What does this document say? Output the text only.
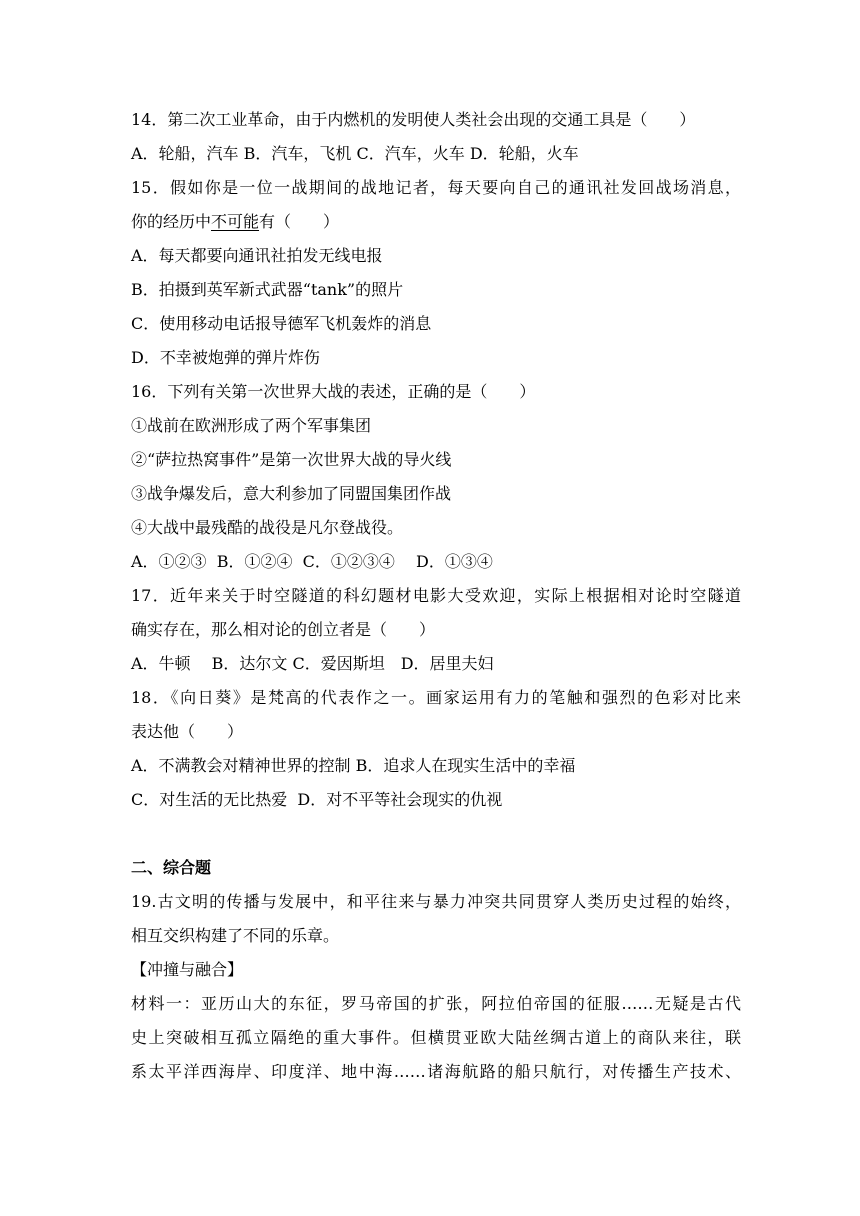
14．第二次工业革命，由于内燃机的发明使人类社会出现的交通工具是（　　）
A．轮船，汽车 B．汽车，飞机 C．汽车，火车 D．轮船，火车
15．假如你是一位一战期间的战地记者，每天要向自己的通讯社发回战场消息，
你的经历中不可能有（　　）
A．每天都要向通讯社拍发无线电报
B．拍摄到英军新式武器“tank”的照片
C．使用移动电话报导德军飞机轰炸的消息
D．不幸被炮弹的弹片炸伤
16．下列有关第一次世界大战的表述，正确的是（　　）
①战前在欧洲形成了两个军事集团
②“萨拉热窝事件”是第一次世界大战的导火线
③战争爆发后，意大利参加了同盟国集团作战
④大战中最残酷的战役是凡尔登战役。
A．①②③  B．①②④  C．①②③④　 D．①③④
17．近年来关于时空隧道的科幻题材电影大受欢迎，实际上根据相对论时空隧道
确实存在，那么相对论的创立者是（　　）
A．牛顿　 B．达尔文 C．爱因斯坦　D．居里夫妇
18．《向日葵》是梵高的代表作之一。画家运用有力的笔触和强烈的色彩对比来
表达他（　　）
A．不满教会对精神世界的控制 B．追求人在现实生活中的幸福
C．对生活的无比热爱  D．对不平等社会现实的仇视
二、综合题
19.古文明的传播与发展中，和平往来与暴力冲突共同贯穿人类历史过程的始终，
相互交织构建了不同的乐章。
【冲撞与融合】
材料一：亚历山大的东征，罗马帝国的扩张，阿拉伯帝国的征服……无疑是古代
史上突破相互孤立隔绝的重大事件。但横贯亚欧大陆丝绸古道上的商队来往，联
系太平洋西海岸、印度洋、地中海……诸海航路的船只航行，对传播生产技术、
